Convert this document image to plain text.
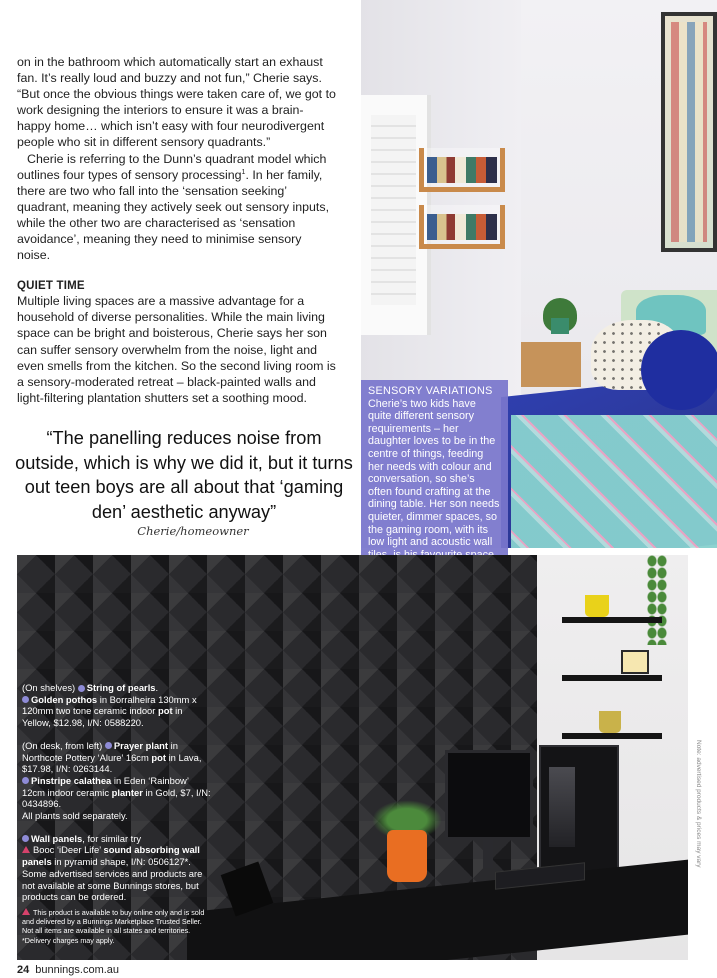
on in the bathroom which automatically start an exhaust fan. It’s really loud and buzzy and not fun,” Cherie says. “But once the obvious things were taken care of, we got to work designing the interiors to ensure it was a brain-happy home… which isn’t easy with four neurodivergent people who sit in different sensory quadrants.”

Cherie is referring to the Dunn’s quadrant model which outlines four types of sensory processing$^1$. In her family, there are two who fall into the ‘sensation seeking’ quadrant, meaning they actively seek out sensory inputs, while the other two are characterised as ‘sensation avoidance’, meaning they need to minimise sensory noise.

QUIET TIME

Multiple living spaces are a massive advantage for a household of diverse personalities. While the main living space can be bright and boisterous, Cherie says her son can suffer sensory overwhelm from the noise, light and even smells from the kitchen. So the second living room is a sensory-moderated retreat – black-painted walls and light-filtering plantation shutters set a soothing mood.

“The panelling reduces noise from outside, which is why we did it, but it turns out teen boys are all about that ‘gaming den’ aesthetic anyway”
Cherie/homeowner
SENSORY VARIATIONS
Cherie’s two kids have quite different sensory requirements – her daughter loves to be in the centre of things, feeding her needs with colour and conversation, so she’s often found crafting at the dining table. Her son needs quieter, dimmer spaces, so the gaming room, with its low light and acoustic wall

(On shelves) String of pearls.
Golden pothos in Borralheira 130mm x 120mm two tone ceramic indoor pot in Yellow, $12.98, I/N: 0588220.

(On desk, from left) Prayer plant in Northcote Pottery ‘Alure’ 16cm pot in Lava, $17.98, I/N: 0263144.
Pinstripe calathea in Eden ‘Rainbow’ 12cm indoor ceramic planter in Gold, $7, I/N: 0434896.
All plants sold separately.

Wall panels, for similar try
Booc ‘iDeer Life’ sound absorbing wall panels in pyramid shape, I/N: 0506127*. Some advertised services and products are not available at some Bunnings stores, but products can be ordered.

This product is available to buy online only and is sold and delivered by a Bunnings Marketplace Trusted Seller. Not all items are available in all states and territories.
*Delivery charges may apply.
Note: advertised products & prices may vary
24 bunnings.com.au
